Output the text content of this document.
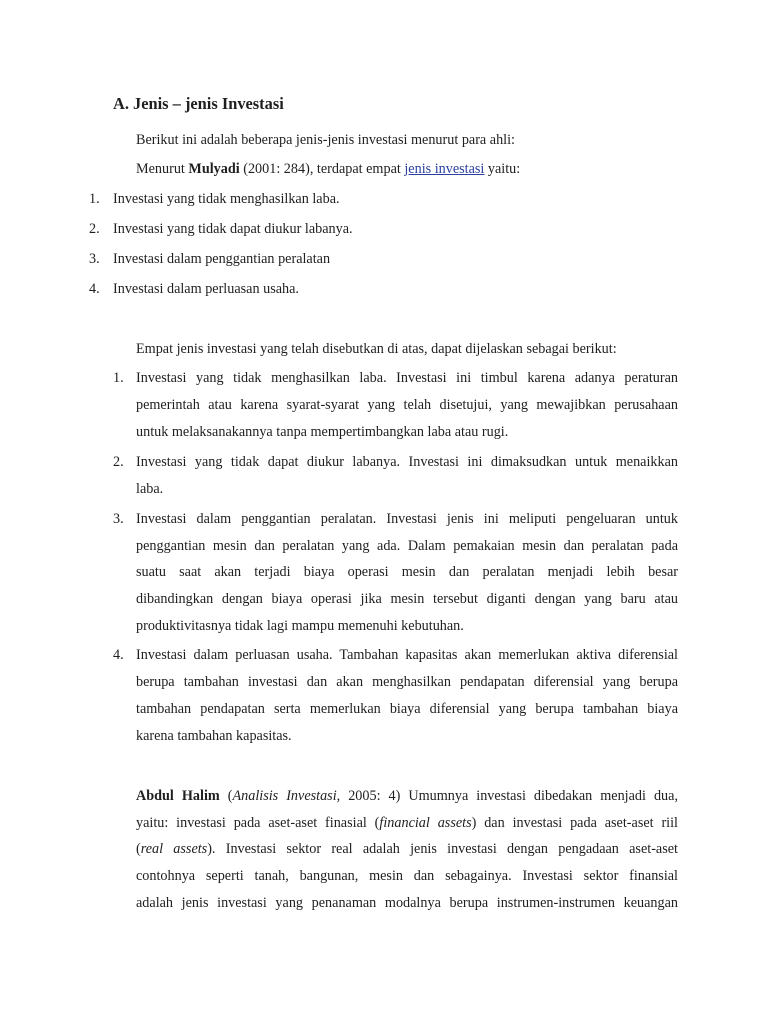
A. Jenis – jenis Investasi
Berikut ini adalah beberapa jenis-jenis investasi menurut para ahli:
Menurut Mulyadi (2001: 284), terdapat empat jenis investasi yaitu:
1. Investasi yang tidak menghasilkan laba.
2. Investasi yang tidak dapat diukur labanya.
3. Investasi dalam penggantian peralatan
4. Investasi dalam perluasan usaha.
Empat jenis investasi yang telah disebutkan di atas, dapat dijelaskan sebagai berikut:
1. Investasi yang tidak menghasilkan laba. Investasi ini timbul karena adanya peraturan
pemerintah atau karena syarat-syarat yang telah disetujui, yang mewajibkan perusahaan
untuk melaksanakannya tanpa mempertimbangkan laba atau rugi.
2. Investasi yang tidak dapat diukur labanya. Investasi ini dimaksudkan untuk menaikkan
laba.
3. Investasi dalam penggantian peralatan. Investasi jenis ini meliputi pengeluaran untuk
penggantian mesin dan peralatan yang ada. Dalam pemakaian mesin dan peralatan pada
suatu saat akan terjadi biaya operasi mesin dan peralatan menjadi lebih besar
dibandingkan dengan biaya operasi jika mesin tersebut diganti dengan yang baru atau
produktivitasnya tidak lagi mampu memenuhi kebutuhan.
4. Investasi dalam perluasan usaha. Tambahan kapasitas akan memerlukan aktiva diferensial
berupa tambahan investasi dan akan menghasilkan pendapatan diferensial yang berupa
tambahan pendapatan serta memerlukan biaya diferensial yang berupa tambahan biaya
karena tambahan kapasitas.
Abdul Halim (Analisis Investasi, 2005: 4) Umumnya investasi dibedakan menjadi dua,
yaitu: investasi pada aset-aset finasial (financial assets) dan investasi pada aset-aset riil
(real assets). Investasi sektor real adalah jenis investasi dengan pengadaan aset-aset
contohnya seperti tanah, bangunan, mesin dan sebagainya. Investasi sektor finansial
adalah jenis investasi yang penanaman modalnya berupa instrumen-instrumen keuangan
